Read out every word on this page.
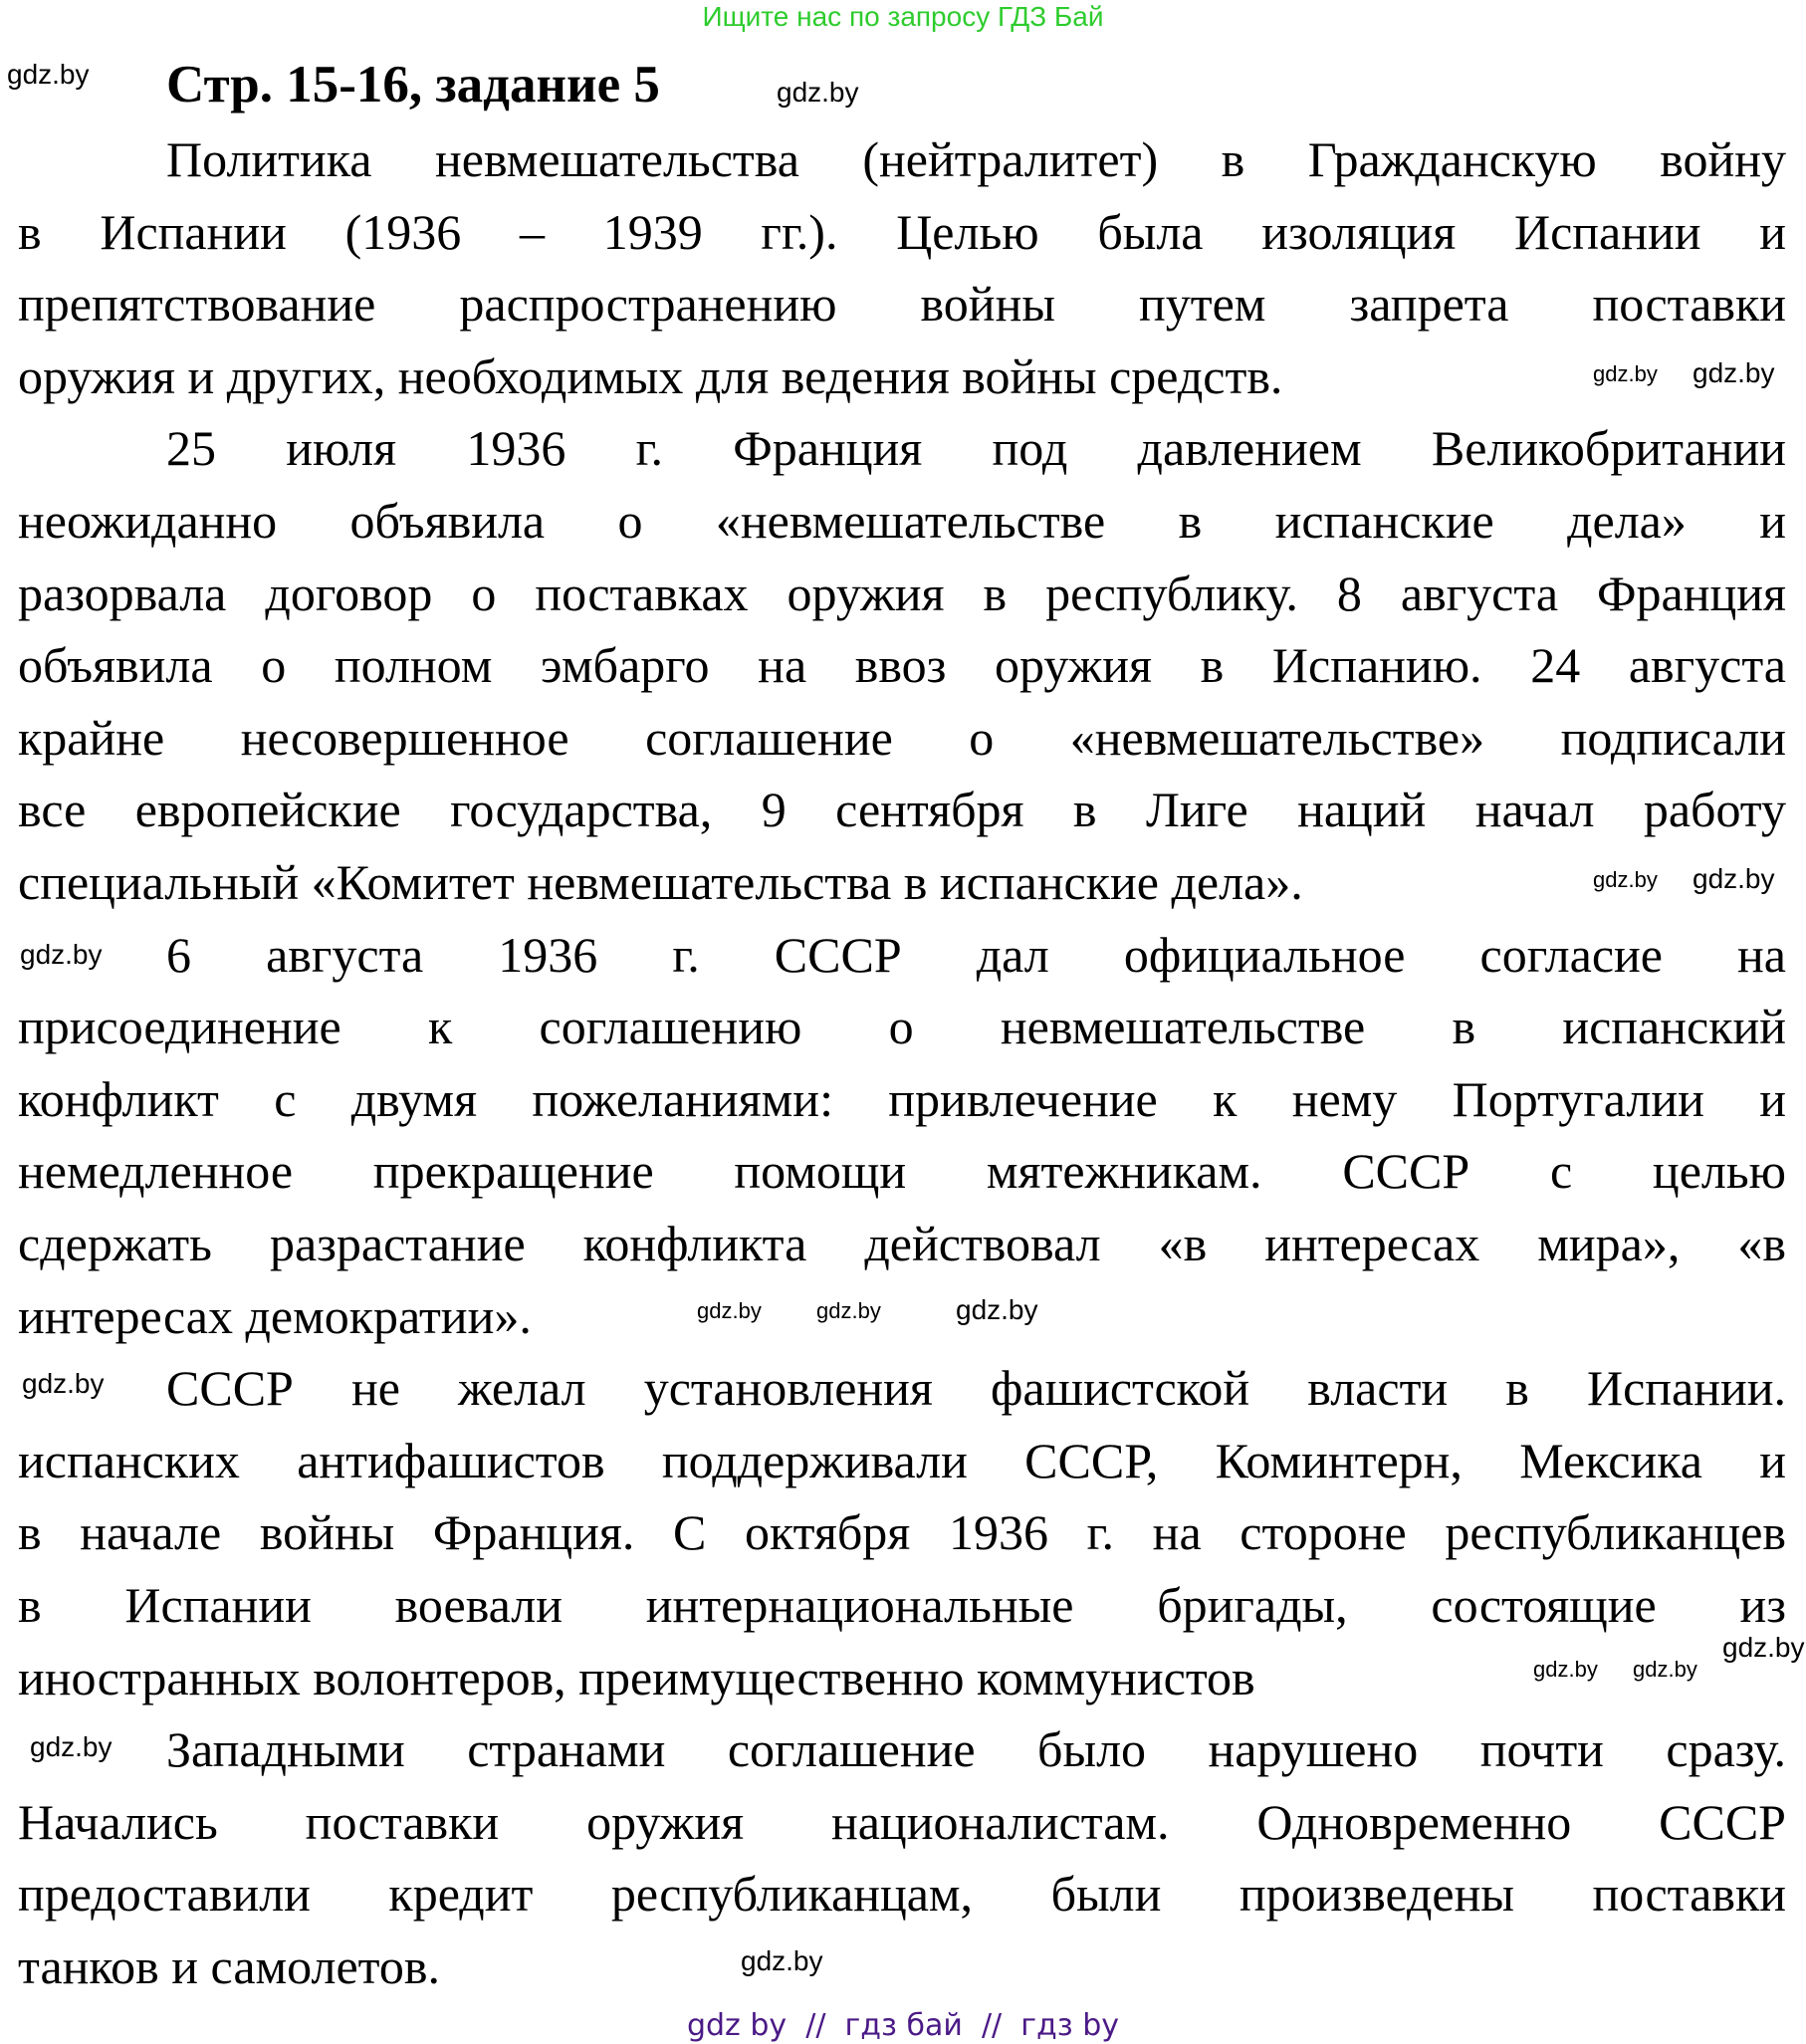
Ищите нас по запросу ГДЗ Бай
Стр. 15-16, задание 5
Политика невмешательства (нейтралитет) в Гражданскую войну
в Испании (1936 – 1939 гг.). Целью была изоляция Испании и
препятствование распространению войны путем запрета поставки
оружия и других, необходимых для ведения войны средств.
25 июля 1936 г. Франция под давлением Великобритании
неожиданно объявила о «невмешательстве в испанские дела» и
разорвала договор о поставках оружия в республику. 8 августа Франция
объявила о полном эмбарго на ввоз оружия в Испанию. 24 августа
крайне несовершенное соглашение о «невмешательстве» подписали
все европейские государства, 9 сентября в Лиге наций начал работу
специальный «Комитет невмешательства в испанские дела».
6 августа 1936 г. СССР дал официальное согласие на
присоединение к соглашению о невмешательстве в испанский
конфликт с двумя пожеланиями: привлечение к нему Португалии и
немедленное прекращение помощи мятежникам. СССР с целью
сдержать разрастание конфликта действовал «в интересах мира», «в
интересах демократии».
СССР не желал установления фашистской власти в Испании.
испанских антифашистов поддерживали СССР, Коминтерн, Мексика и
в начале войны Франция. С октября 1936 г. на стороне республиканцев
в Испании воевали интернациональные бригады, состоящие из
иностранных волонтеров, преимущественно коммунистов
Западными странами соглашение было нарушено почти сразу.
Начались поставки оружия националистам. Одновременно СССР
предоставили кредит республиканцам, были произведены поставки
танков и самолетов.
gdz.by
gdz.by
gdz.by gdz.by
gdz.by gdz.by
gdz.by
gdz.by	gdz.by	gdz.by
gdz.by
gdz.by gdz.by
gdz.by
gdz.by
gdz.by
gdz by  //  гдз бай  //  гдз by
